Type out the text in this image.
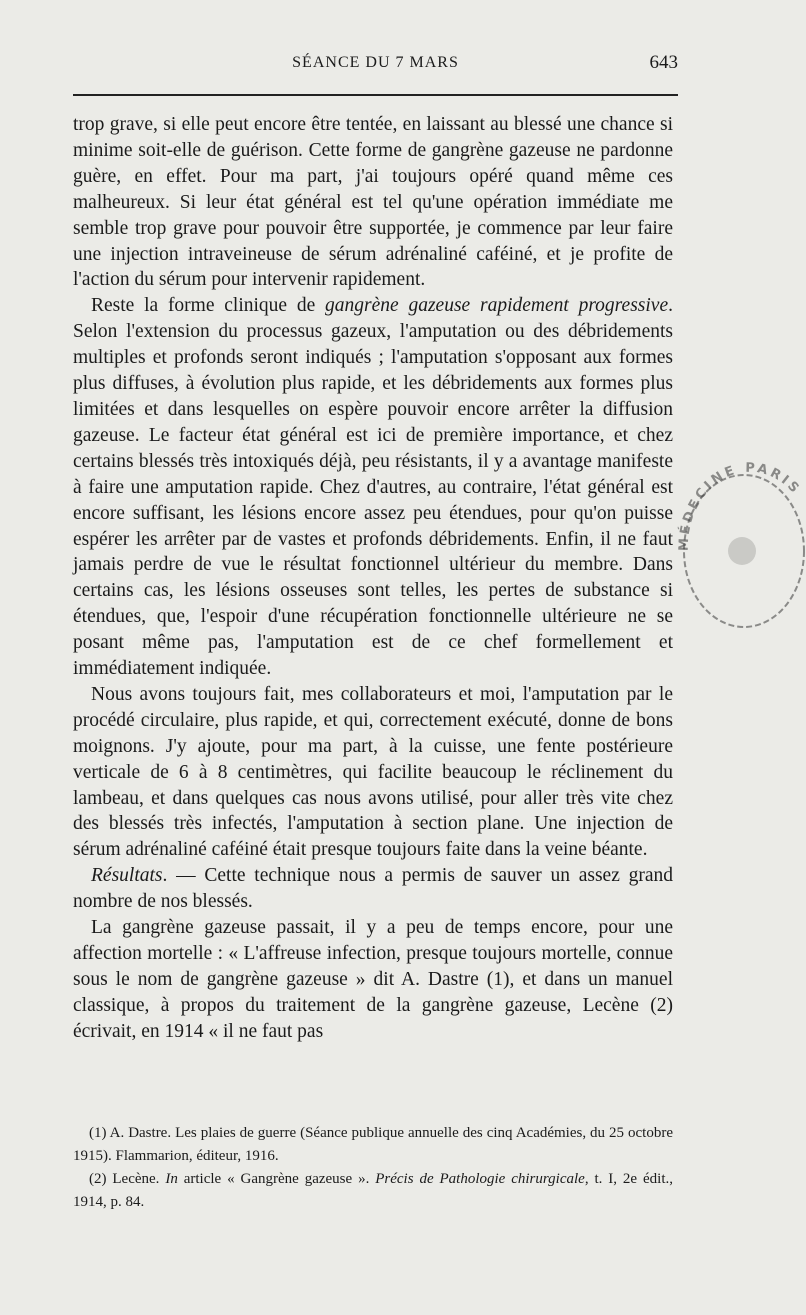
SÉANCE DU 7 MARS	643

trop grave, si elle peut encore être tentée, en laissant au blessé une chance si minime soit-elle de guérison. Cette forme de gangrène gazeuse ne pardonne guère, en effet. Pour ma part, j'ai toujours opéré quand même ces malheureux. Si leur état général est tel qu'une opération immédiate me semble trop grave pour pouvoir être supportée, je commence par leur faire une injection intraveineuse de sérum adrénaliné caféiné, et je profite de l'action du sérum pour intervenir rapidement.

Reste la forme clinique de gangrène gazeuse rapidement progressive. Selon l'extension du processus gazeux, l'amputation ou des débridements multiples et profonds seront indiqués ; l'amputation s'opposant aux formes plus diffuses, à évolution plus rapide, et les débridements aux formes plus limitées et dans lesquelles on espère pouvoir encore arrêter la diffusion gazeuse. Le facteur état général est ici de première importance, et chez certains blessés très intoxiqués déjà, peu résistants, il y a avantage manifeste à faire une amputation rapide. Chez d'autres, au contraire, l'état général est encore suffisant, les lésions encore assez peu étendues, pour qu'on puisse espérer les arrêter par de vastes et profonds débridements. Enfin, il ne faut jamais perdre de vue le résultat fonctionnel ultérieur du membre. Dans certains cas, les lésions osseuses sont telles, les pertes de substance si étendues, que, l'espoir d'une récupération fonctionnelle ultérieure ne se posant même pas, l'amputation est de ce chef formellement et immédiatement indiquée.

Nous avons toujours fait, mes collaborateurs et moi, l'amputation par le procédé circulaire, plus rapide, et qui, correctement exécuté, donne de bons moignons. J'y ajoute, pour ma part, à la cuisse, une fente postérieure verticale de 6 à 8 centimètres, qui facilite beaucoup le réclinement du lambeau, et dans quelques cas nous avons utilisé, pour aller très vite chez des blessés très infectés, l'amputation à section plane. Une injection de sérum adrénaliné caféiné était presque toujours faite dans la veine béante.

Résultats. — Cette technique nous a permis de sauver un assez grand nombre de nos blessés.

La gangrène gazeuse passait, il y a peu de temps encore, pour une affection mortelle : « L'affreuse infection, presque toujours mortelle, connue sous le nom de gangrène gazeuse » dit A. Dastre (1), et dans un manuel classique, à propos du traitement de la gangrène gazeuse, Lecène (2) écrivait, en 1914 « il ne faut pas

(1) A. Dastre. Les plaies de guerre (Séance publique annuelle des cinq Académies, du 25 octobre 1915). Flammarion, éditeur, 1916.

(2) Lecène. In article « Gangrène gazeuse ». Précis de Pathologie chirurgicale, t. I, 2e édit., 1914, p. 84.

MÉDECINE PARIS
